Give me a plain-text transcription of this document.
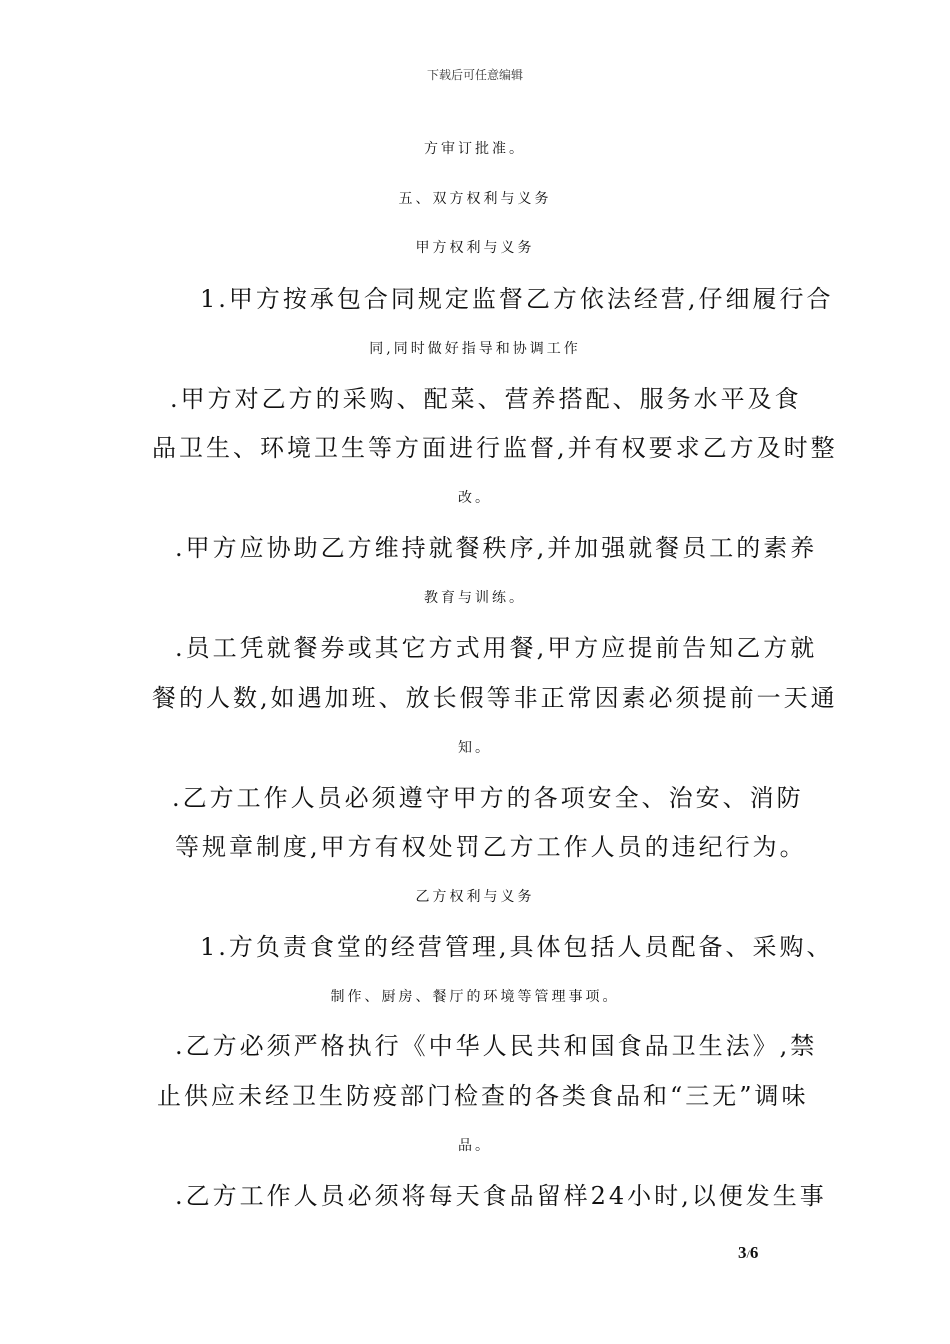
下载后可任意编辑
方审订批准。
五、双方权利与义务
甲方权利与义务
1.甲方按承包合同规定监督乙方依法经营,仔细履行合
同,同时做好指导和协调工作
.甲方对乙方的采购、配菜、营养搭配、服务水平及食
品卫生、环境卫生等方面进行监督,并有权要求乙方及时整
改。
.甲方应协助乙方维持就餐秩序,并加强就餐员工的素养
教育与训练。
.员工凭就餐券或其它方式用餐,甲方应提前告知乙方就
餐的人数,如遇加班、放长假等非正常因素必须提前一天通
知。
.乙方工作人员必须遵守甲方的各项安全、治安、消防
等规章制度,甲方有权处罚乙方工作人员的违纪行为。
乙方权利与义务
1.方负责食堂的经营管理,具体包括人员配备、采购、
制作、厨房、餐厅的环境等管理事项。
.乙方必须严格执行《中华人民共和国食品卫生法》,禁
止供应未经卫生防疫部门检查的各类食品和“三无”调味
品。
.乙方工作人员必须将每天食品留样24小时,以便发生事
3/6
